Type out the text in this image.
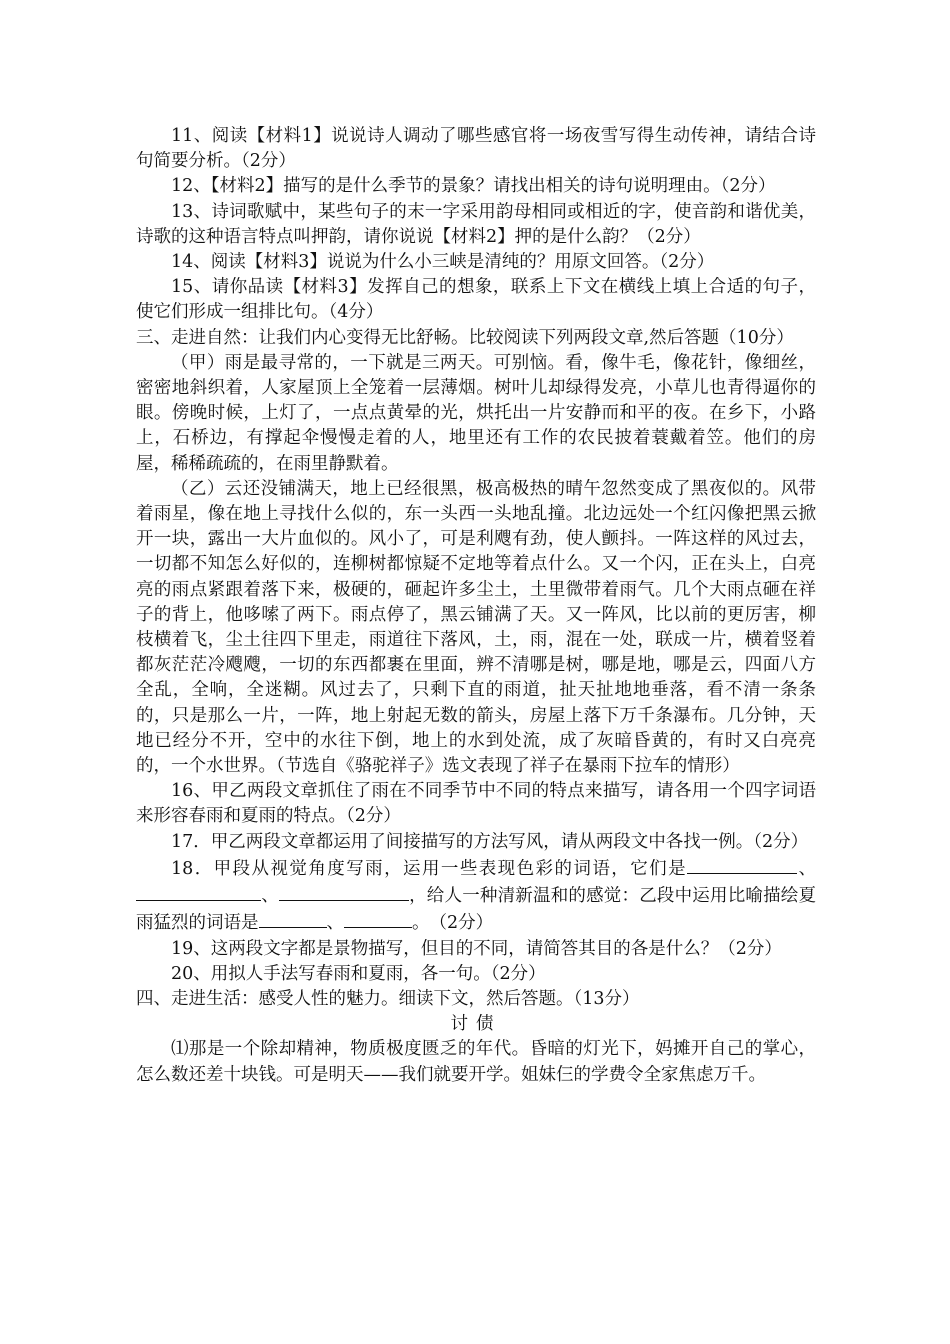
11、阅读【材料1】说说诗人调动了哪些感官将一场夜雪写得生动传神，请结合诗句简要分析。（2分）

12、【材料2】描写的是什么季节的景象？请找出相关的诗句说明理由。（2分）

13、诗词歌赋中，某些句子的末一字采用韵母相同或相近的字，使音韵和谐优美，诗歌的这种语言特点叫押韵，请你说说【材料2】押的是什么韵？（2分）

14、阅读【材料3】说说为什么小三峡是清纯的？用原文回答。（2分）

15、请你品读【材料3】发挥自己的想象，联系上下文在横线上填上合适的句子，使它们形成一组排比句。（4分）

三、走进自然：让我们内心变得无比舒畅。比较阅读下列两段文章,然后答题（10分）

（甲）雨是最寻常的，一下就是三两天。可别恼。看，像牛毛，像花针，像细丝，密密地斜织着，人家屋顶上全笼着一层薄烟。树叶儿却绿得发亮，小草儿也青得逼你的眼。傍晚时候，上灯了，一点点黄晕的光，烘托出一片安静而和平的夜。在乡下，小路上，石桥边，有撑起伞慢慢走着的人，地里还有工作的农民披着蓑戴着笠。他们的房屋，稀稀疏疏的，在雨里静默着。

（乙）云还没铺满天，地上已经很黑，极高极热的晴午忽然变成了黑夜似的。风带着雨星，像在地上寻找什么似的，东一头西一头地乱撞。北边远处一个红闪像把黑云掀开一块，露出一大片血似的。风小了，可是利飕有劲，使人颤抖。一阵这样的风过去，一切都不知怎么好似的，连柳树都惊疑不定地等着点什么。又一个闪，正在头上，白亮亮的雨点紧跟着落下来，极硬的，砸起许多尘土，土里微带着雨气。几个大雨点砸在祥子的背上，他哆嗦了两下。雨点停了，黑云铺满了天。又一阵风，比以前的更厉害，柳枝横着飞，尘土往四下里走，雨道往下落风，土，雨，混在一处，联成一片，横着竖着都灰茫茫冷飕飕，一切的东西都裹在里面，辨不清哪是树，哪是地，哪是云，四面八方全乱，全响，全迷糊。风过去了，只剩下直的雨道，扯天扯地地垂落，看不清一条条的，只是那么一片，一阵，地上射起无数的箭头，房屋上落下万千条瀑布。几分钟，天地已经分不开，空中的水往下倒，地上的水到处流，成了灰暗昏黄的，有时又白亮亮的，一个水世界。（节选自《骆驼祥子》选文表现了祥子在暴雨下拉车的情形）

16、甲乙两段文章抓住了雨在不同季节中不同的特点来描写，请各用一个四字词语来形容春雨和夏雨的特点。（2分）

17．甲乙两段文章都运用了间接描写的方法写风，请从两段文中各找一例。（2分）

18．甲段从视觉角度写雨，运用一些表现色彩的词语，它们是	、、	，给人一种清新温和的感觉：乙段中运用比喻描绘夏雨猛烈的词语是	、	。　（2分）

19、这两段文字都是景物描写，但目的不同，请简答其目的各是什么？（2分）

20、用拟人手法写春雨和夏雨，各一句。（2分）

四、走进生活：感受人性的魅力。细读下文，然后答题。（13分）

讨债

⑴那是一个除却精神，物质极度匮乏的年代。昏暗的灯光下，妈摊开自己的掌心，怎么数还差十块钱。可是明天——我们就要开学。姐妹仨的学费令全家焦虑万千。
